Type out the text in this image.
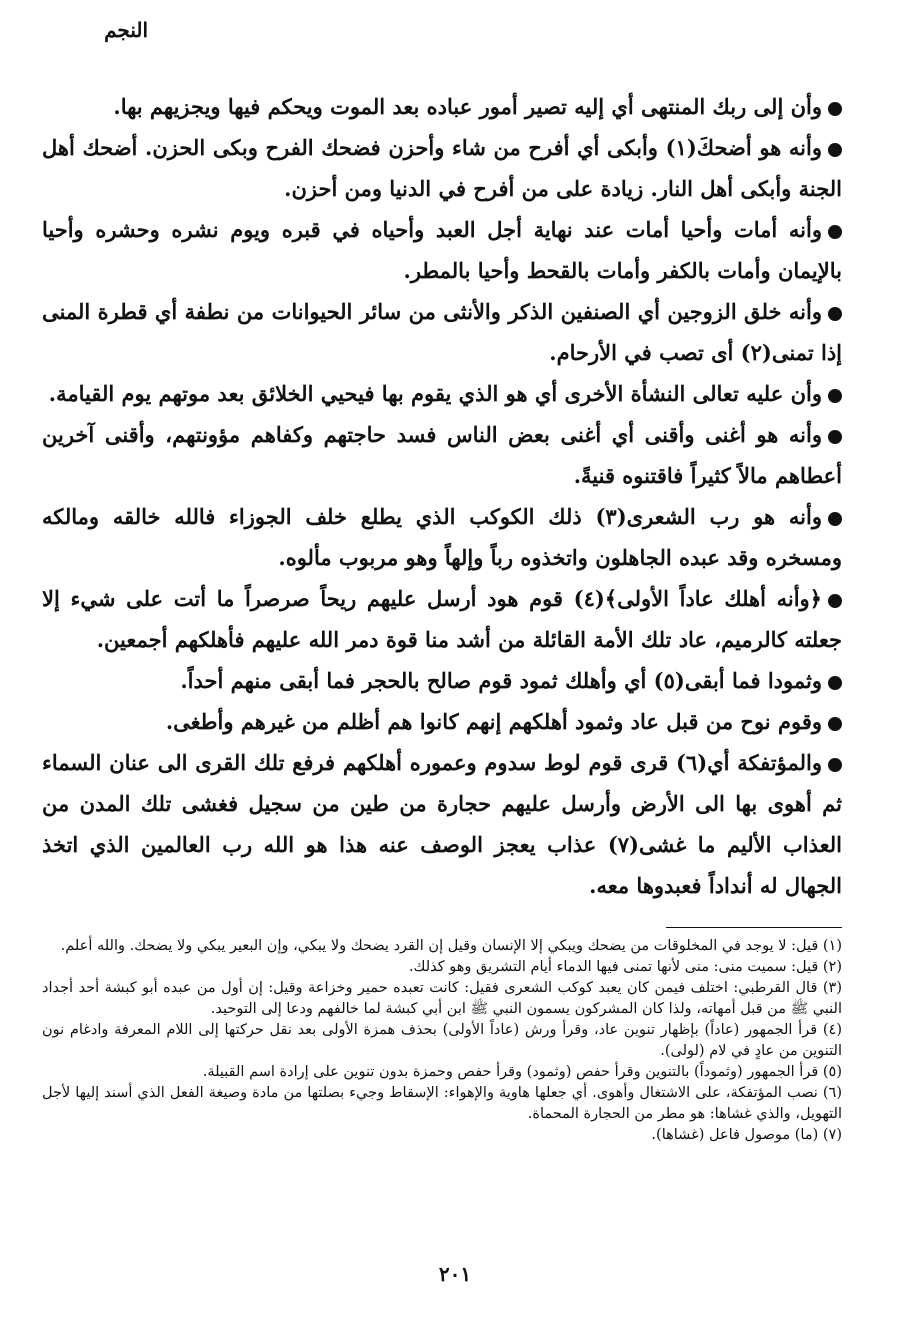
النجم

وأن إلى ربك المنتهى أي إليه تصير أمور عباده بعد الموت ويحكم فيها ويجزيهم بها.

وأنه هو أضحكَ(١) وأبكى أي أفرح من شاء وأحزن فضحك الفرح وبكى الحزن. أضحك أهل الجنة وأبكى أهل النار. زيادة على من أفرح في الدنيا ومن أحزن.

وأنه أمات وأحيا أمات عند نهاية أجل العبد وأحياه في قبره ويوم نشره وحشره وأحيا بالإيمان وأمات بالكفر وأمات بالقحط وأحيا بالمطر.

وأنه خلق الزوجين أي الصنفين الذكر والأنثى من سائر الحيوانات من نطفة أي قطرة المنى إذا تمنى(٢) أى تصب في الأرحام.

وأن عليه تعالى النشأة الأخرى أي هو الذي يقوم بها فيحيي الخلائق بعد موتهم يوم القيامة.

وأنه هو أغنى وأقنى أي أغنى بعض الناس فسد حاجتهم وكفاهم مؤونتهم، وأقنى آخرين أعطاهم مالاً كثيراً فاقتنوه قنيةً.

وأنه هو رب الشعرى(٣) ذلك الكوكب الذي يطلع خلف الجوزاء فالله خالقه ومالكه ومسخره وقد عبده الجاهلون واتخذوه رباً وإلهاً وهو مربوب مألوه.

﴿وأنه أهلك عاداً الأولى﴾(٤) قوم هود أرسل عليهم ريحاً صرصراً ما أتت على شيء إلا جعلته كالرميم، عاد تلك الأمة القائلة من أشد منا قوة دمر الله عليهم فأهلكهم أجمعين.

وثمودا فما أبقى(٥) أي وأهلك ثمود قوم صالح بالحجر فما أبقى منهم أحداً.

وقوم نوح من قبل عاد وثمود أهلكهم إنهم كانوا هم أظلم من غيرهم وأطغى.

والمؤتفكة أي(٦) قرى قوم لوط سدوم وعموره أهلكهم فرفع تلك القرى الى عنان السماء ثم أهوى بها الى الأرض وأرسل عليهم حجارة من طين من سجيل فغشى تلك المدن من العذاب الأليم ما غشى(٧) عذاب يعجز الوصف عنه هذا هو الله رب العالمين الذي اتخذ الجهال له أنداداً فعبدوها معه.

(١) قيل: لا يوجد في المخلوقات من يضحك ويبكي إلا الإنسان وقيل إن القرد يضحك ولا يبكي، وإن البعير يبكي ولا يضحك. والله أعلم.

(٢) قيل: سميت منى: منى لأنها تمنى فيها الدماء أيام التشريق وهو كذلك.

(٣) قال القرطبي: اختلف فيمن كان يعبد كوكب الشعرى فقيل: كانت تعبده حمير وخزاعة وقيل: إن أول من عبده أبو كبشة أحد أجداد النبي ﷺ من قبل أمهاته، ولذا كان المشركون يسمون النبي ﷺ ابن أبي كبشة لما خالفهم ودعا إلى التوحيد.

(٤) قرأ الجمهور (عاداً) بإظهار تنوين عاد، وقرأ ورش (عاداً الأولى) بحذف همزة الأولى بعد نقل حركتها إلى اللام المعرفة وادغام نون التنوين من عادٍ في لام (لولى).

(٥) قرأ الجمهور (وثموداً) بالتنوين وقرأ حفص (وثمود) وقرأ حفص وحمزة بدون تنوين على إرادة اسم القبيلة.

(٦) نصب المؤتفكة، على الاشتغال وأهوى. أي جعلها هاوية والإهواء: الإسقاط وجيء بصلتها من مادة وصيغة الفعل الذي أسند إليها لأجل التهويل، والذي غشاها: هو مطر من الحجارة المحماة.

(٧) (ما) موصول فاعل (غشاها).

٢٠١
